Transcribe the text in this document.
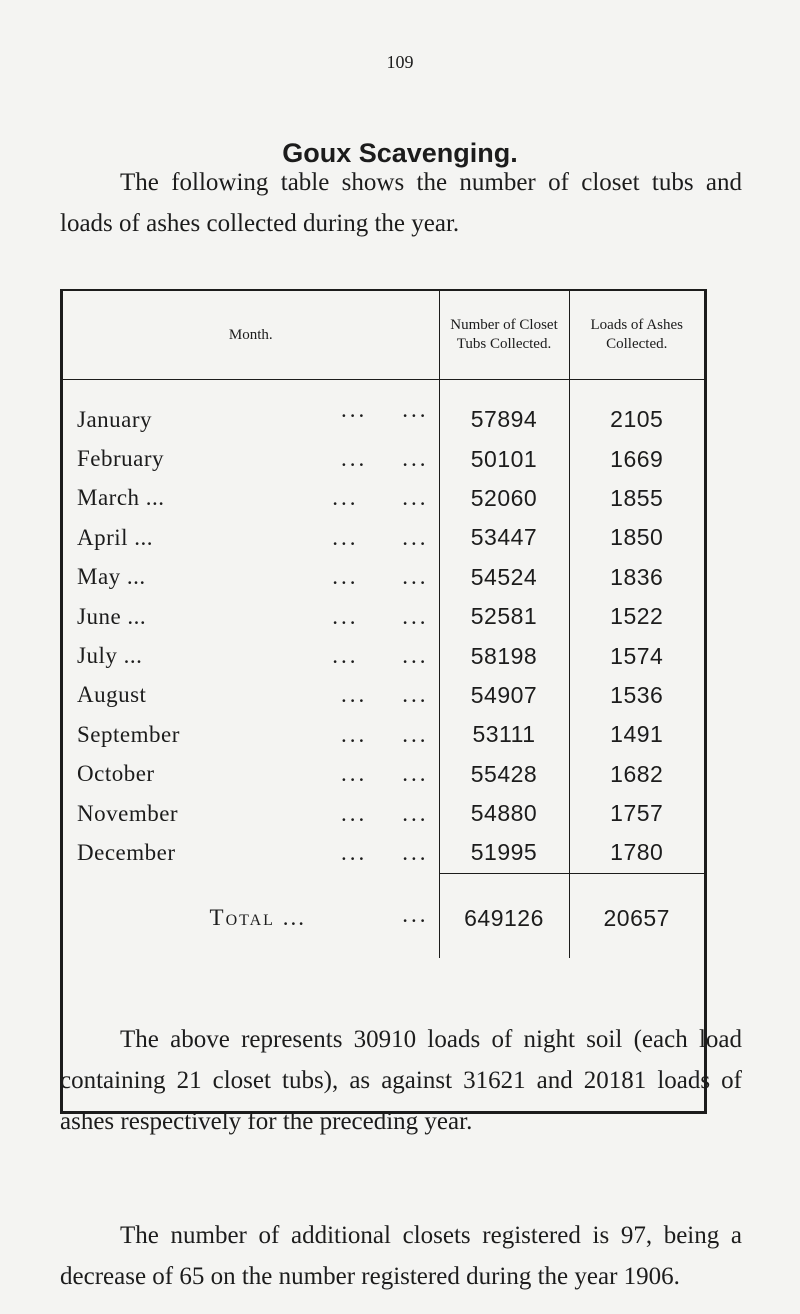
109
Goux Scavenging.

The following table shows the number of closet tubs and loads of ashes collected during the year.

Month.	Number of Closet Tubs Collected.	Loads of Ashes Collected.
January ...    ...	57894	2105
February ...    ...	50101	1669
March ... ...     ...	52060	1855
April ... ...     ...	53447	1850
May ... ...     ...	54524	1836
June ... ...     ...	52581	1522
July ... ...     ...	58198	1574
August ...    ...	54907	1536
September ...    ...	53111	1491
October ...    ...	55428	1682
November ...    ...	54880	1757
December ...    ...	51995	1780
Total ... ...	649126	20657

The above represents 30910 loads of night soil (each load containing 21 closet tubs), as against 31621 and 20181 loads of ashes respectively for the preceding year.

The number of additional closets registered is 97, being a decrease of 65 on the number registered during the year 1906.
